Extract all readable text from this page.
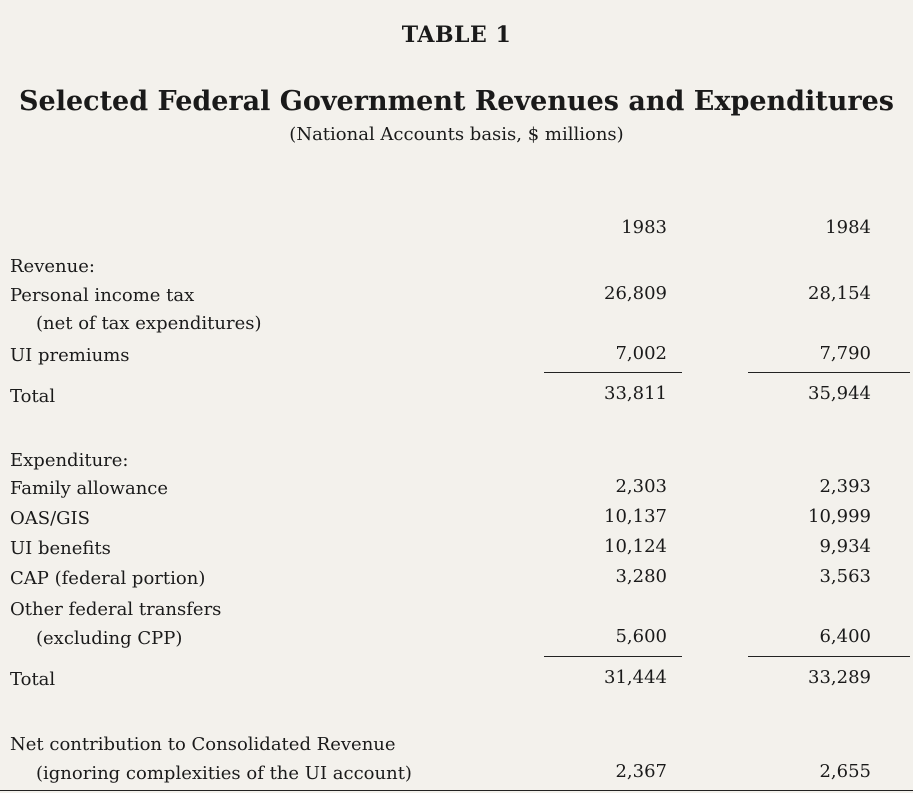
TABLE 1
Selected Federal Government Revenues and Expenditures
(National Accounts basis, $ millions)
1983	1984
Revenue:
Personal income tax	26,809	28,154
(net of tax expenditures)
UI premiums	7,002	7,790
Total	33,811	35,944
Expenditure:
Family allowance	2,303	2,393
OAS/GIS	10,137	10,999
UI benefits	10,124	9,934
CAP (federal portion)	3,280	3,563
Other federal transfers
(excluding CPP)	5,600	6,400
Total	31,444	33,289
Net contribution to Consolidated Revenue
(ignoring complexities of the UI account)	2,367	2,655
